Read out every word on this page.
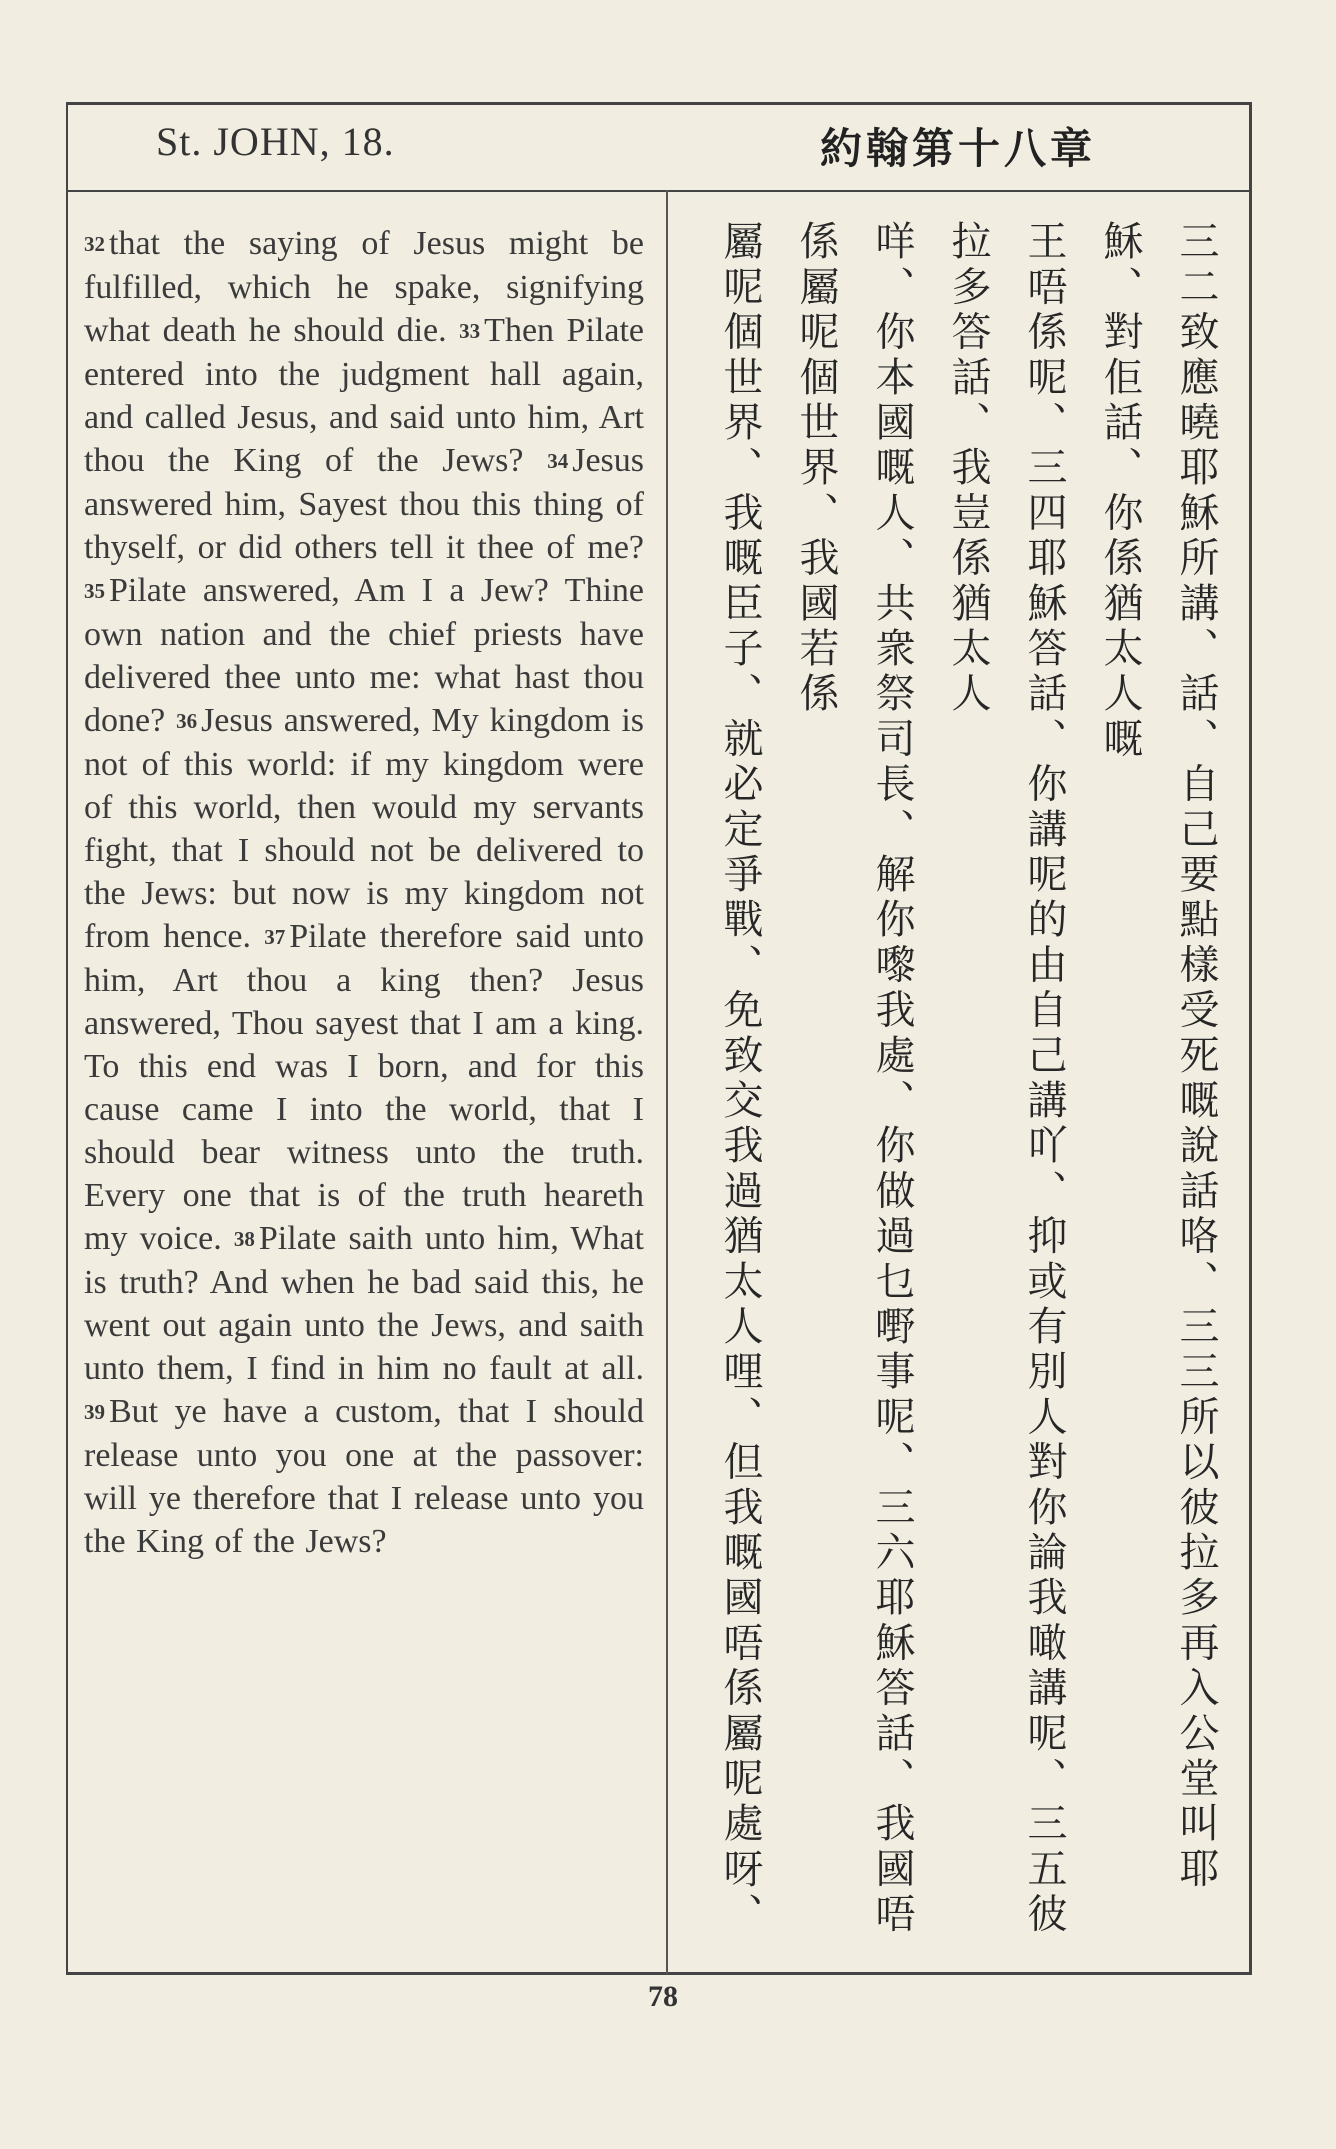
St. JOHN, 18.	約翰第十八章
32 that the saying of Jesus might be fulfilled, which he spake, signifying what death he should die. 33 Then Pilate entered into the judgment hall again, and called Jesus, and said unto him, Art thou the King of the Jews? 34 Jesus answered him, Sayest thou this thing of thyself, or did others tell it thee of me? 35 Pilate answered, Am I a Jew? Thine own nation and the chief priests have delivered thee unto me: what hast thou done? 36 Jesus answered, My kingdom is not of this world: if my kingdom were of this world, then would my servants fight, that I should not be delivered to the Jews: but now is my kingdom not from hence. 37 Pilate therefore said unto him, Art thou a king then? Jesus answered, Thou sayest that I am a king. To this end was I born, and for this cause came I into the world, that I should bear witness unto the truth. Every one that is of the truth heareth my voice. 38 Pilate saith unto him, What is truth? And when he bad said this, he went out again unto the Jews, and saith unto them, I find in him no fault at all. 39 But ye have a custom, that I should release unto you one at the passover: will ye therefore that I release unto you the King of the Jews?	三二致應曉耶穌所講、話、自己要點樣受死嘅說話咯、三三所以彼拉多再入公堂叫耶穌、對佢話、你係猶太人嘅
王唔係呢、三四耶穌答話、你講呢的由自己講吖、抑或有別人對你論我噉講呢、三五彼拉多答話、我豈係猶太人
咩、你本國嘅人、共衆祭司長、解你嚟我處、你做過乜嘢事呢、三六耶穌答話、我國唔係屬呢個世界、我國若係
屬呢個世界、我嘅臣子、就必定爭戰、免致交我過猶太人哩、但我嘅國唔係屬呢處呀、
78
